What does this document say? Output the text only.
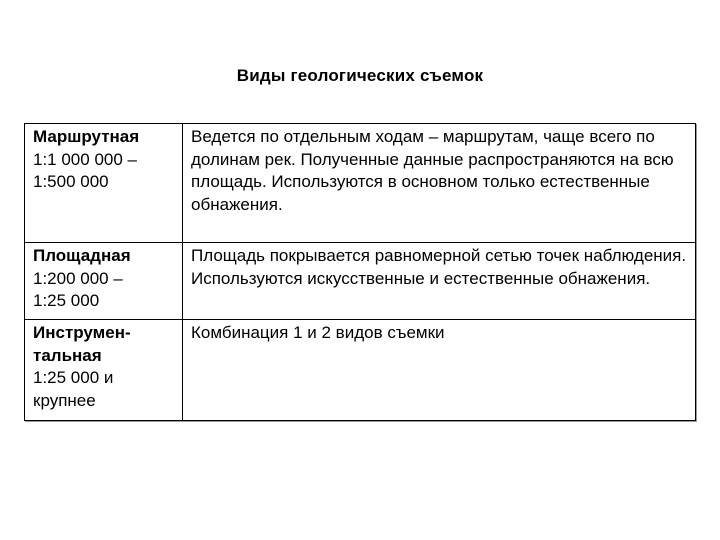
Виды геологических съемок
Маршрутная
1:1 000 000 –
1:500 000	Ведется по отдельным ходам – маршрутам, чаще всего по долинам рек. Полученные данные распространяются на всю площадь. Используются в основном только естественные обнажения.

Площадная
1:200 000 –
1:25 000	Площадь покрывается равномерной сетью точек наблюдения. Используются искусственные и естественные обнажения.

Инструмен-
тальная
1:25 000 и
крупнее	Комбинация 1 и 2 видов съемки
